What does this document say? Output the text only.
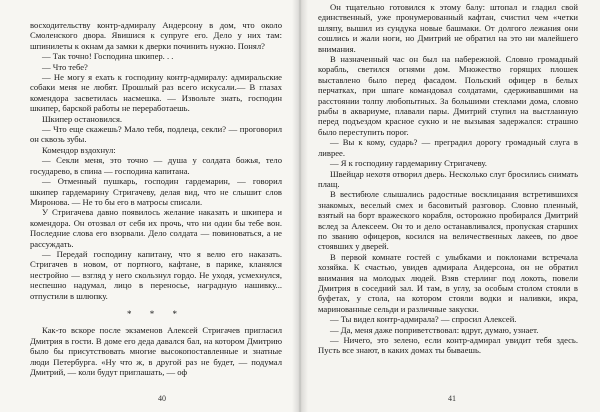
восходительству контр-адмиралу Андерсону в дом, что около Смоленского двора. Явишися к супруге его. Дело у них там: шпинилеты к окнам да замки к дверки починить нужно. Понял?

— Так точно! Господина шкипер. . .

— Что тебе?

— Не могу я ехать к господину контр-адмиралу: адмиральские собаки меня не любят. Прошлый раз всего искусали.— В глазах комендора засветилась насмешка. — Извольте знать, господин шкипер, барской работы не переработаешь.

Шкипер остановился.

— Что еще скажешь? Мало тебя, подлеца, секли? — проговорил он сквозь зубы.

Комендор вздохнул:

— Секли меня, это точно — душа у солдата божья, тело государево, в спина — господина капитана.

— Отменный пушкарь, господин гардемарин, — говорил шкипер гардемарину Стригачеву, делая вид, что не слышит слов Миронова. — Не то бы его в матросы списали.

У Стригачева давно появилось желание наказать и шкипера и комендора. Он отозвал от себя их прочь, что ни один бы тебе вон. Последние слова его взорвали. Дело солдата — повиноваться, а не рассуждать.

— Передай господину капитану, что я велю его наказать. Стригачев в новом, от портного, кафтане, в парике, кланялся нестройно — взгляд у него скользнул гордо. Не уходя, усмехнулся, неспешно надумал, лицо в переносье, наградную нашивку... отпустили в шлюпку.

* * *

Как-то вскоре после экзаменов Алексей Стригачев пригласил Дмитрия в гости. В доме его деда давался бал, на котором Дмитрию было бы присутствовать многие высокопоставленные и знатные люди Петербурга. «Ну что ж, в другой раз не будет, — подумал Дмитрий, — коли будут приглашать, — оф

40

Он тщательно готовился к этому балу: штопал и гладил свой единственный, уже пронумерованный кафтан, счистил чем «четки шляпу, вышил из сундука новые башмаки. От долгого лежания они сошлись и жали ноги, но Дмитрий не обратил на это ни малейшего внимания.

В назначенный час он был на набережной. Словно громадный корабль, светился огнями дом. Множество горящих плошек выставлено было перед фасадом. Польский офицер в белых перчатках, при шпаге командовал солдатами, сдерживавшими на расстоянии толпу любопытных. За большими стеклами дома, словно рыбы в аквариуме, плавали пары. Дмитрий ступил на выстланную перед подъездом красное сукно и не вызывая задержался: страшно было переступить порог.

— Вы к кому, сударь? — преградил дорогу громадный слуга в ливрее.

— Я к господину гардемарину Стригачеву.

Швейцар нехотя отворил дверь. Несколько слуг бросились снимать плащ.

В вестибюле слышались радостные восклицания встретившихся знакомых, веселый смех и басовитый разговор. Словно пленный, взятый на борт вражеского корабля, осторожно пробирался Дмитрий вслед за Алексеем. Он то и дело останавливался, пропуская старших по званию офицеров, косился на величественных лакеев, по двое стоявших у дверей.

В первой комнате гостей с улыбками и поклонами встречала хозяйка. К счастью, увидев адмирала Андерсона, он не обратил внимания на молодых людей. Взяв стерлинг под локоть, повели Дмитрия в соседний зал. И там, в углу, за особым столом стояли в буфетах, у стола, на котором стояли водки и наливки, икра, маринованные сельди и различные закуски.

— Ты видел контр-адмирала? — спросил Алексей.

— Да, меня даже поприветствовал: вдруг, думаю, узнает.

— Ничего, это зелено, если контр-адмирал увидит тебя здесь. Пусть все знают, в каких домах ты бываешь.

41
